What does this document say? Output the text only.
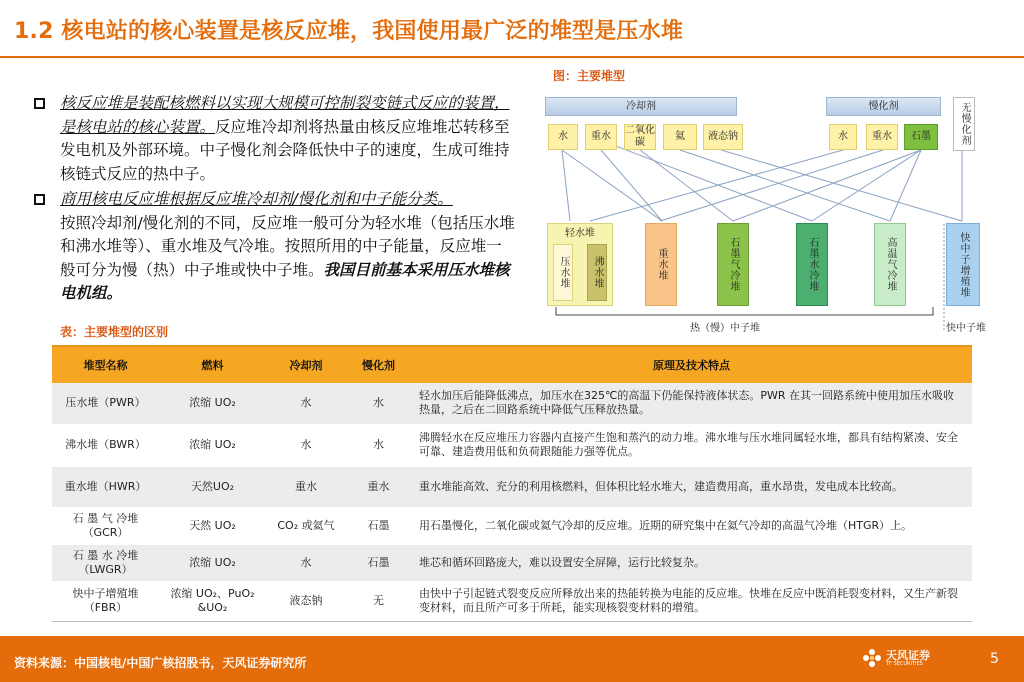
1.2 核电站的核心装置是核反应堆，我国使用最广泛的堆型是压水堆
核反应堆是装配核燃料以实现大规模可控制裂变链式反应的装置，是核电站的核心装置。反应堆冷却剂将热量由核反应堆堆芯转移至发电机及外部环境。中子慢化剂会降低快中子的速度，生成可维持核链式反应的热中子。
商用核电反应堆根据反应堆冷却剂/慢化剂和中子能分类。
按照冷却剂/慢化剂的不同，反应堆一般可分为轻水堆（包括压水堆和沸水堆等）、重水堆及气冷堆。按照所用的中子能量，反应堆一般可分为慢（热）中子堆或快中子堆。我国目前基本采用压水堆核电机组。
图：主要堆型
冷却剂	慢化剂	无慢化剂
水	重水
二氧化碳
氦	液态钠	水	重水	石墨
轻水堆
压水堆	沸水堆	重水堆	石墨气冷堆	石墨水冷堆	高温气冷堆	快中子增殖堆
热（慢）中子堆	快中子堆
表：主要堆型的区别
堆型名称	燃料	冷却剂	慢化剂	原理及技术特点
压水堆（PWR）	浓缩 UO₂	水	水	轻水加压后能降低沸点，加压水在325℃的高温下仍能保持液体状态。PWR 在其一回路系统中使用加压水吸收热量，之后在二回路系统中降低气压释放热量。
沸水堆（BWR）	浓缩 UO₂	水	水	沸腾轻水在反应堆压力容器内直接产生饱和蒸汽的动力堆。沸水堆与压水堆同属轻水堆，都具有结构紧凑、安全可靠、建造费用低和负荷跟随能力强等优点。
重水堆（HWR）	天然UO₂	重水	重水	重水堆能高效、充分的利用核燃料，但体积比轻水堆大，建造费用高，重水昂贵，发电成本比较高。
石 墨 气 冷堆（GCR）	天然 UO₂	CO₂ 或氦气	石墨	用石墨慢化，二氧化碳或氦气冷却的反应堆。近期的研究集中在氦气冷却的高温气冷堆（HTGR）上。
石 墨 水 冷堆（LWGR）	浓缩 UO₂	水	石墨	堆芯和循环回路庞大，难以设置安全屏障，运行比较复杂。
快中子增殖堆（FBR）	浓缩 UO₂、PuO₂ &UO₂	液态钠	无	由快中子引起链式裂变反应所释放出来的热能转换为电能的反应堆。快堆在反应中既消耗裂变材料，又生产新裂变材料，而且所产可多于所耗，能实现核裂变材料的增殖。
资料来源：中国核电/中国广核招股书，天风证券研究所
天风证券
TF SECURITIES	5
